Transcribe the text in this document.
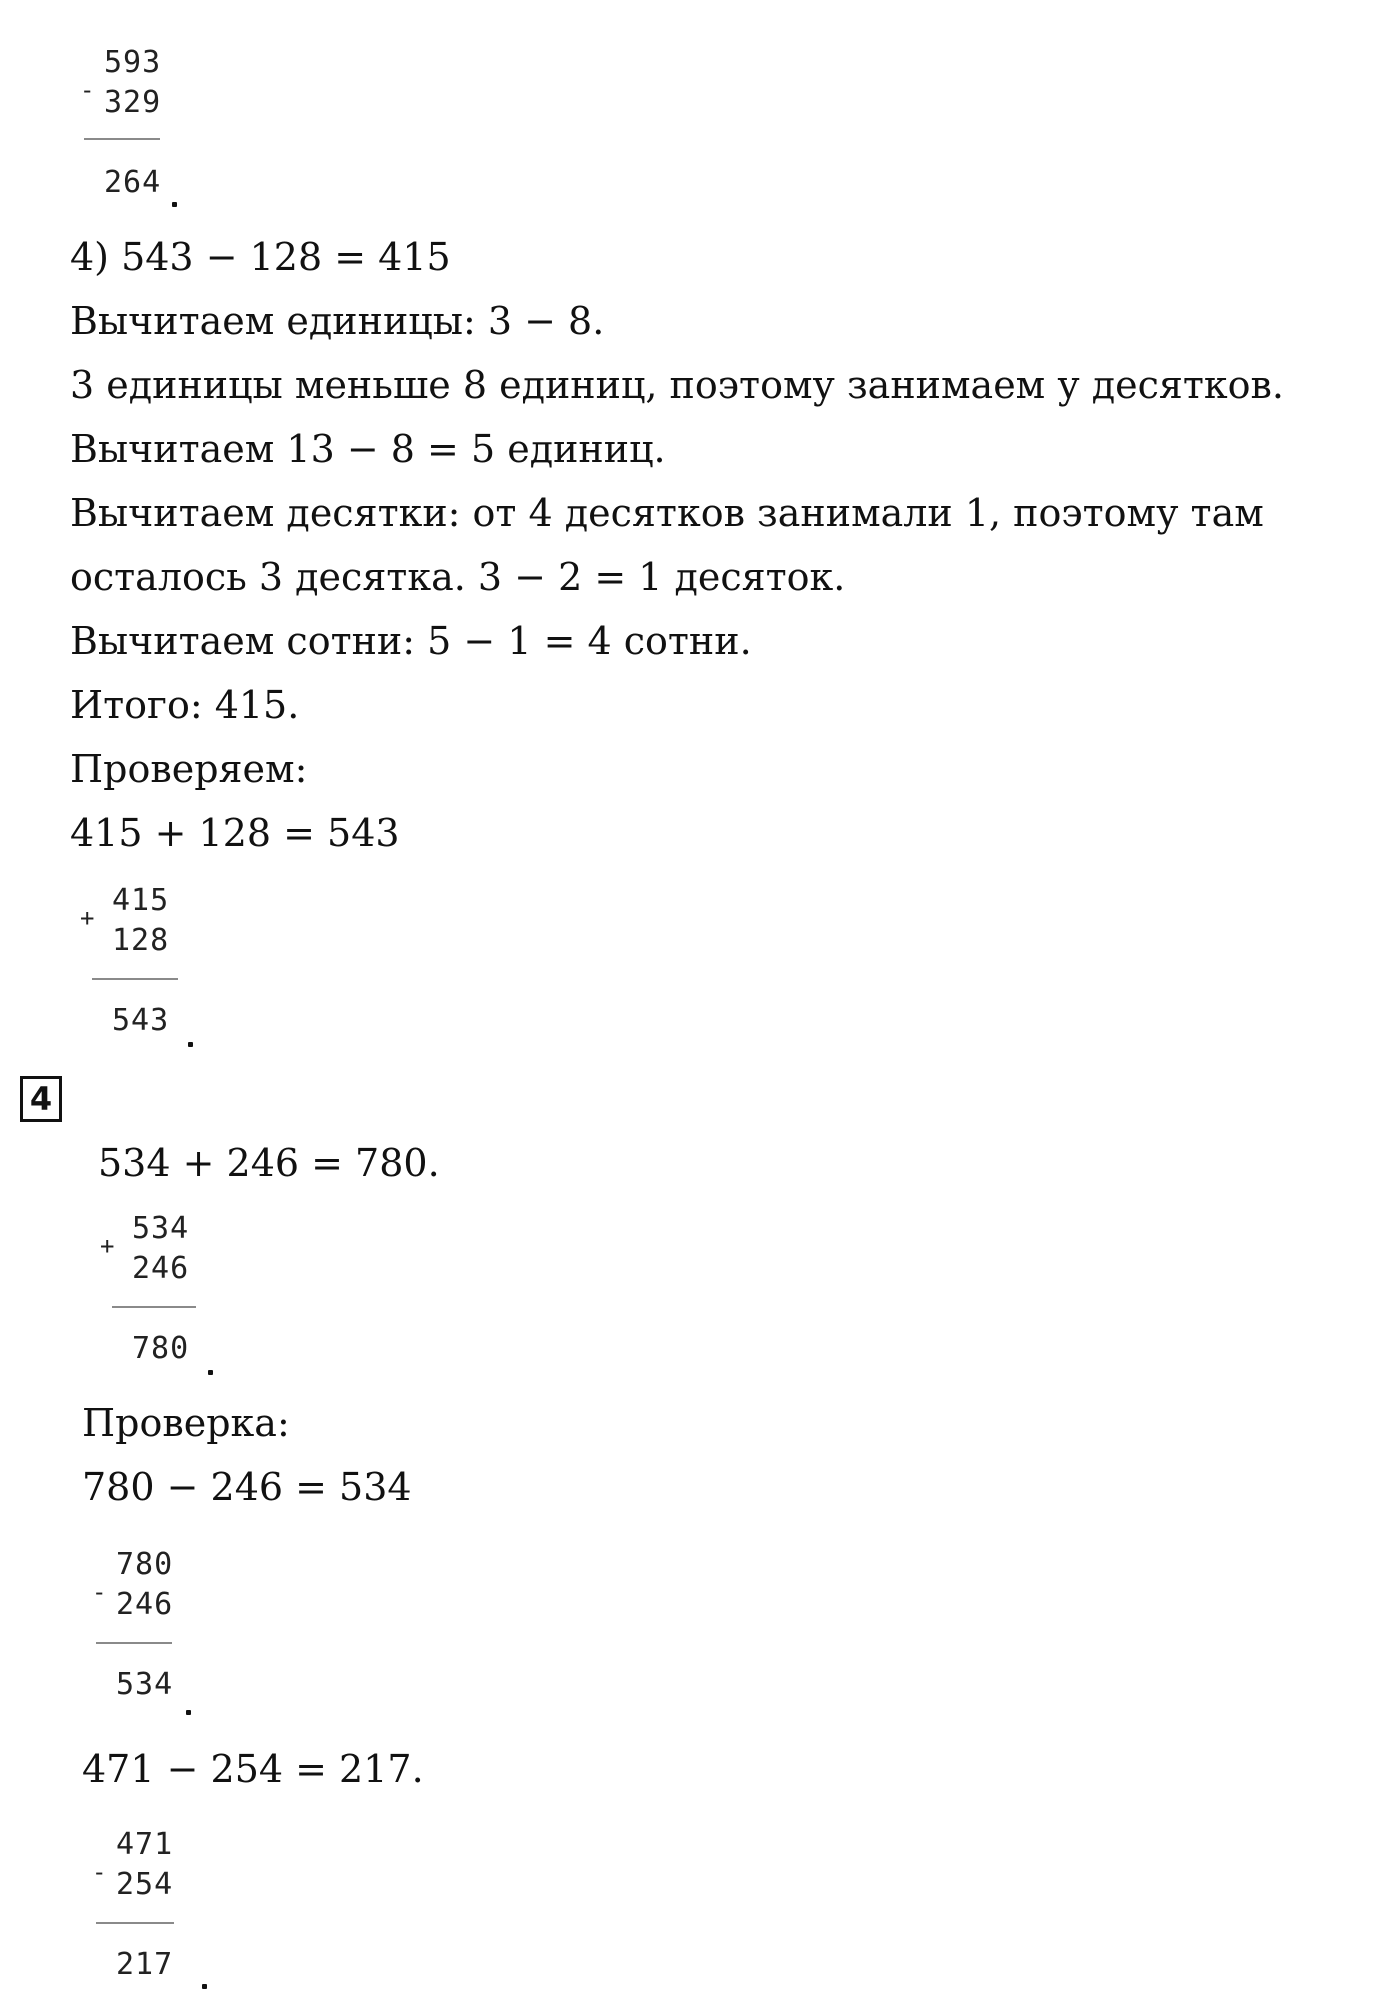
-
593
329
264
4) 543 − 128 = 415
Вычитаем единицы: 3 − 8.
3 единицы меньше 8 единиц, поэтому занимаем у десятков.
Вычитаем 13 − 8 = 5 единиц.
Вычитаем десятки: от 4 десятков занимали 1, поэтому там
осталось 3 десятка. 3 − 2 = 1 десяток.
Вычитаем сотни: 5 − 1 = 4 сотни.
Итого: 415.
Проверяем:
415 + 128 = 543
+ 415
128
543
4
534 + 246 = 780.
+ 534
246
780
Проверка:
780 − 246 = 534
-
780
246
534
471 − 254 = 217.
-
471
254
217
